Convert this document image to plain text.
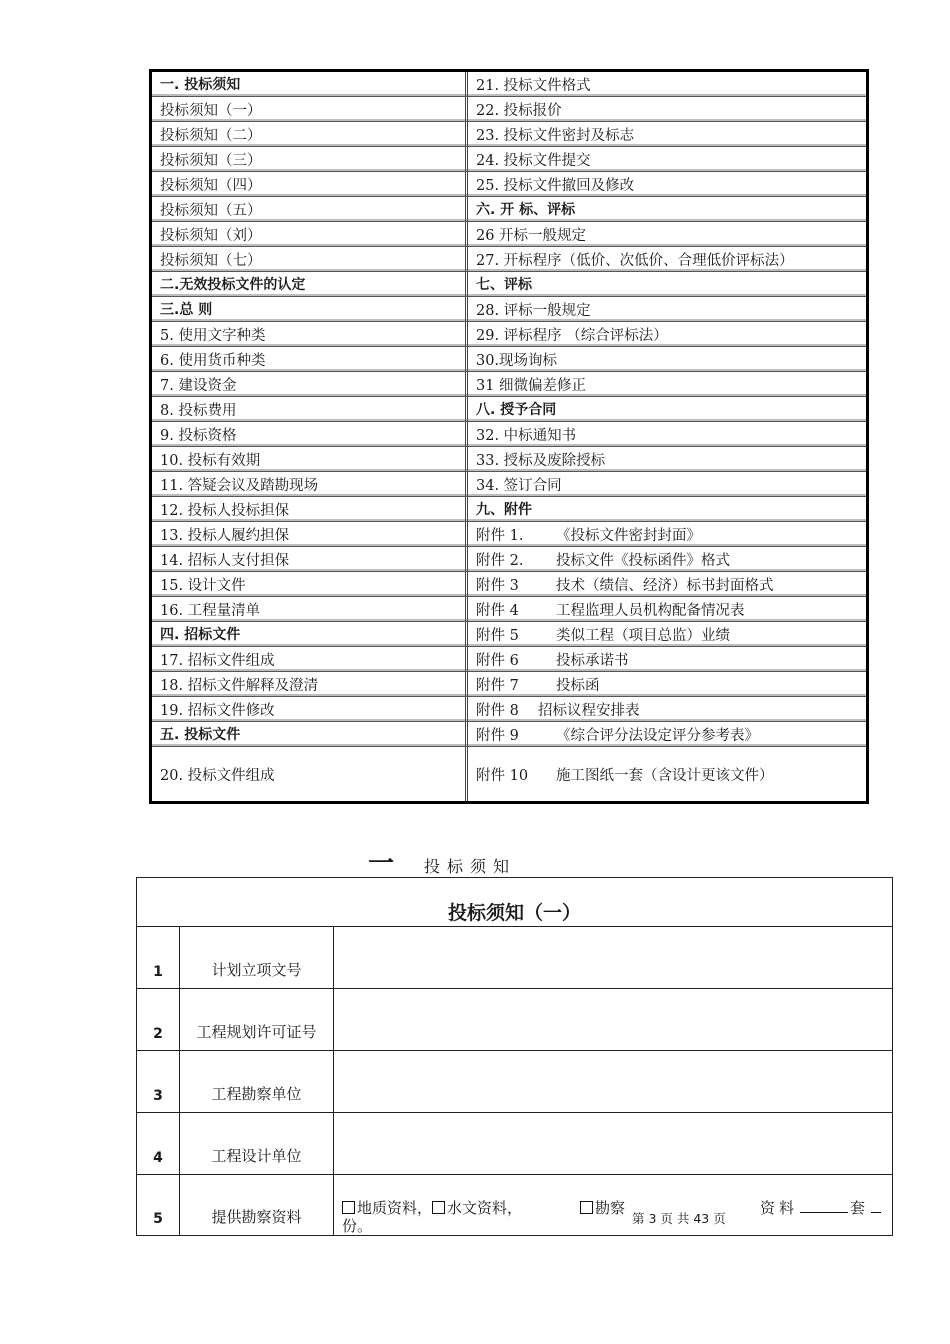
一. 投标须知	21. 投标文件格式
投标须知（一）	22. 投标报价
投标须知（二）	23. 投标文件密封及标志
投标须知（三）	24. 投标文件提交
投标须知（四）	25. 投标文件撤回及修改
投标须知（五）	六. 开 标、评标
投标须知（刘）	26 开标一般规定
投标须知（七）	27. 开标程序（低价、次低价、合理低价评标法）
二.无效投标文件的认定	七、评标
三.总 则	28. 评标一般规定
5. 使用文字种类	29. 评标程序 （综合评标法）
6. 使用货币种类	30.现场询标
7. 建设资金	31 细微偏差修正
8. 投标费用	八. 授予合同
9. 投标资格	32. 中标通知书
10. 投标有效期	33. 授标及废除授标
11. 答疑会议及踏勘现场	34. 签订合同
12. 投标人投标担保	九、附件
13. 投标人履约担保	附件 1.	《投标文件密封封面》
14. 招标人支付担保	附件 2.	投标文件《投标函件》格式
15. 设计文件	附件 3	技术（绩信、经济）标书封面格式
16. 工程量清单	附件 4	工程监理人员机构配备情况表
四. 招标文件	附件 5	类似工程（项目总监）业绩
17. 招标文件组成	附件 6	投标承诺书
18. 招标文件解释及澄清	附件 7	投标函
19. 招标文件修改	附件 8	招标议程安排表
五. 投标文件	附件 9	《综合评分法设定评分参考表》
20. 投标文件组成	附件 10	施工图纸一套（含设计更该文件）
一	投标须知
投标须知（一）
1	计划立项文号
2	工程规划许可证号
3	工程勘察单位
4	工程设计单位
5	提供勘察资料	地质资料， 水文资料，	勘察	资料	套
份。	第 3 页 共 43 页
